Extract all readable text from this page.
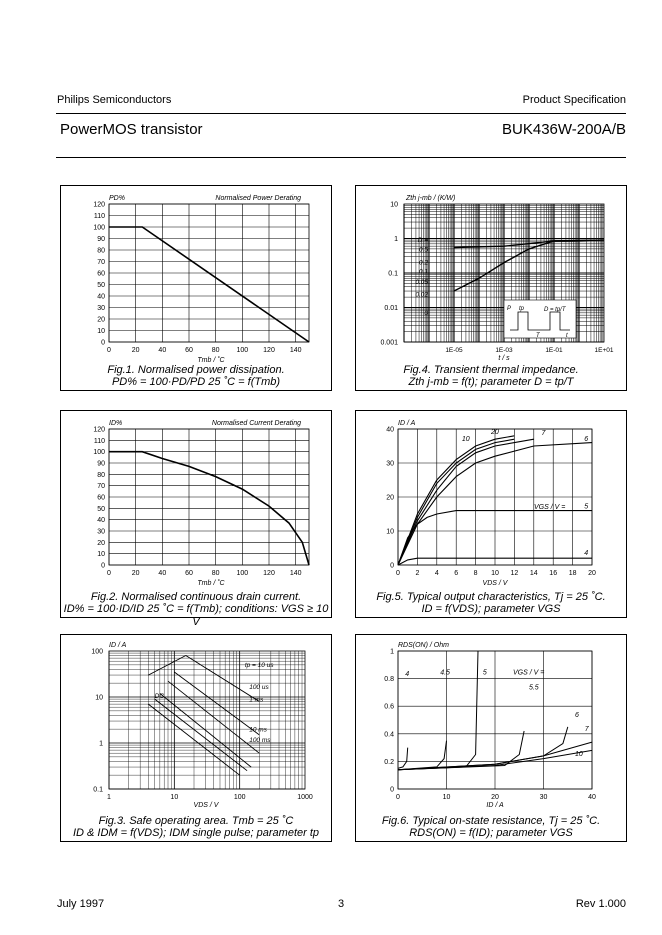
Philips Semiconductors	Product Specification
PowerMOS transistor	BUK436W-200A/B
0	20	40	60	80 100 120 140
0
10
20
30
40
50
60
70
80
90
100
110
120
PD%	Normalised Power Derating
Tmb / ˚C
Fig.1. Normalised power dissipation.
PD% = 100·PD/PD 25 ˚C = f(Tmb)
1E-05	1E-03	1E-01	1E+01
0.001
0.01
0.1
1
10
D =
0.5
0.2
0.1
0.05
0.02
0
P tp	D = tp/T
T	t
Zth j-mb / (K/W)
t / s
Fig.4. Transient thermal impedance.
Zth j-mb = f(t); parameter D = tp/T
0	20	40	60	80 100 120 140
0
10
20
30
40
50
60
70
80
90
100
110
120
ID%	Normalised Current Derating
Tmb / ˚C
Fig.2. Normalised continuous drain current.
ID% = 100·ID/ID 25 ˚C = f(Tmb); conditions: VGS ≥ 10 V
0 2 4 6 8 10 12 14 16 18 20
0
10
20
30
40
ID / A
VDS / V
VGS / V =
20
10
7
6
5
4
Fig.5. Typical output characteristics, Tj = 25 ˚C.
ID = f(VDS); parameter VGS
1	10	100	1000
0.1
1
10
100
tp = 10 us
100 us
1 ms
10 ms
100 ms
DC
ID / A
VDS / V
Fig.3. Safe operating area. Tmb = 25 ˚C
ID & IDM = f(VDS); IDM single pulse; parameter tp
0	10	20	30	40
0
0.2
0.4
0.6
0.8
1
RDS(ON) / Ohm
ID / A
VGS / V =
4	4.5	5
5.5
6
7
10
Fig.6. Typical on-state resistance, Tj = 25 ˚C.
RDS(ON) = f(ID); parameter VGS
July 1997	3	Rev 1.000
